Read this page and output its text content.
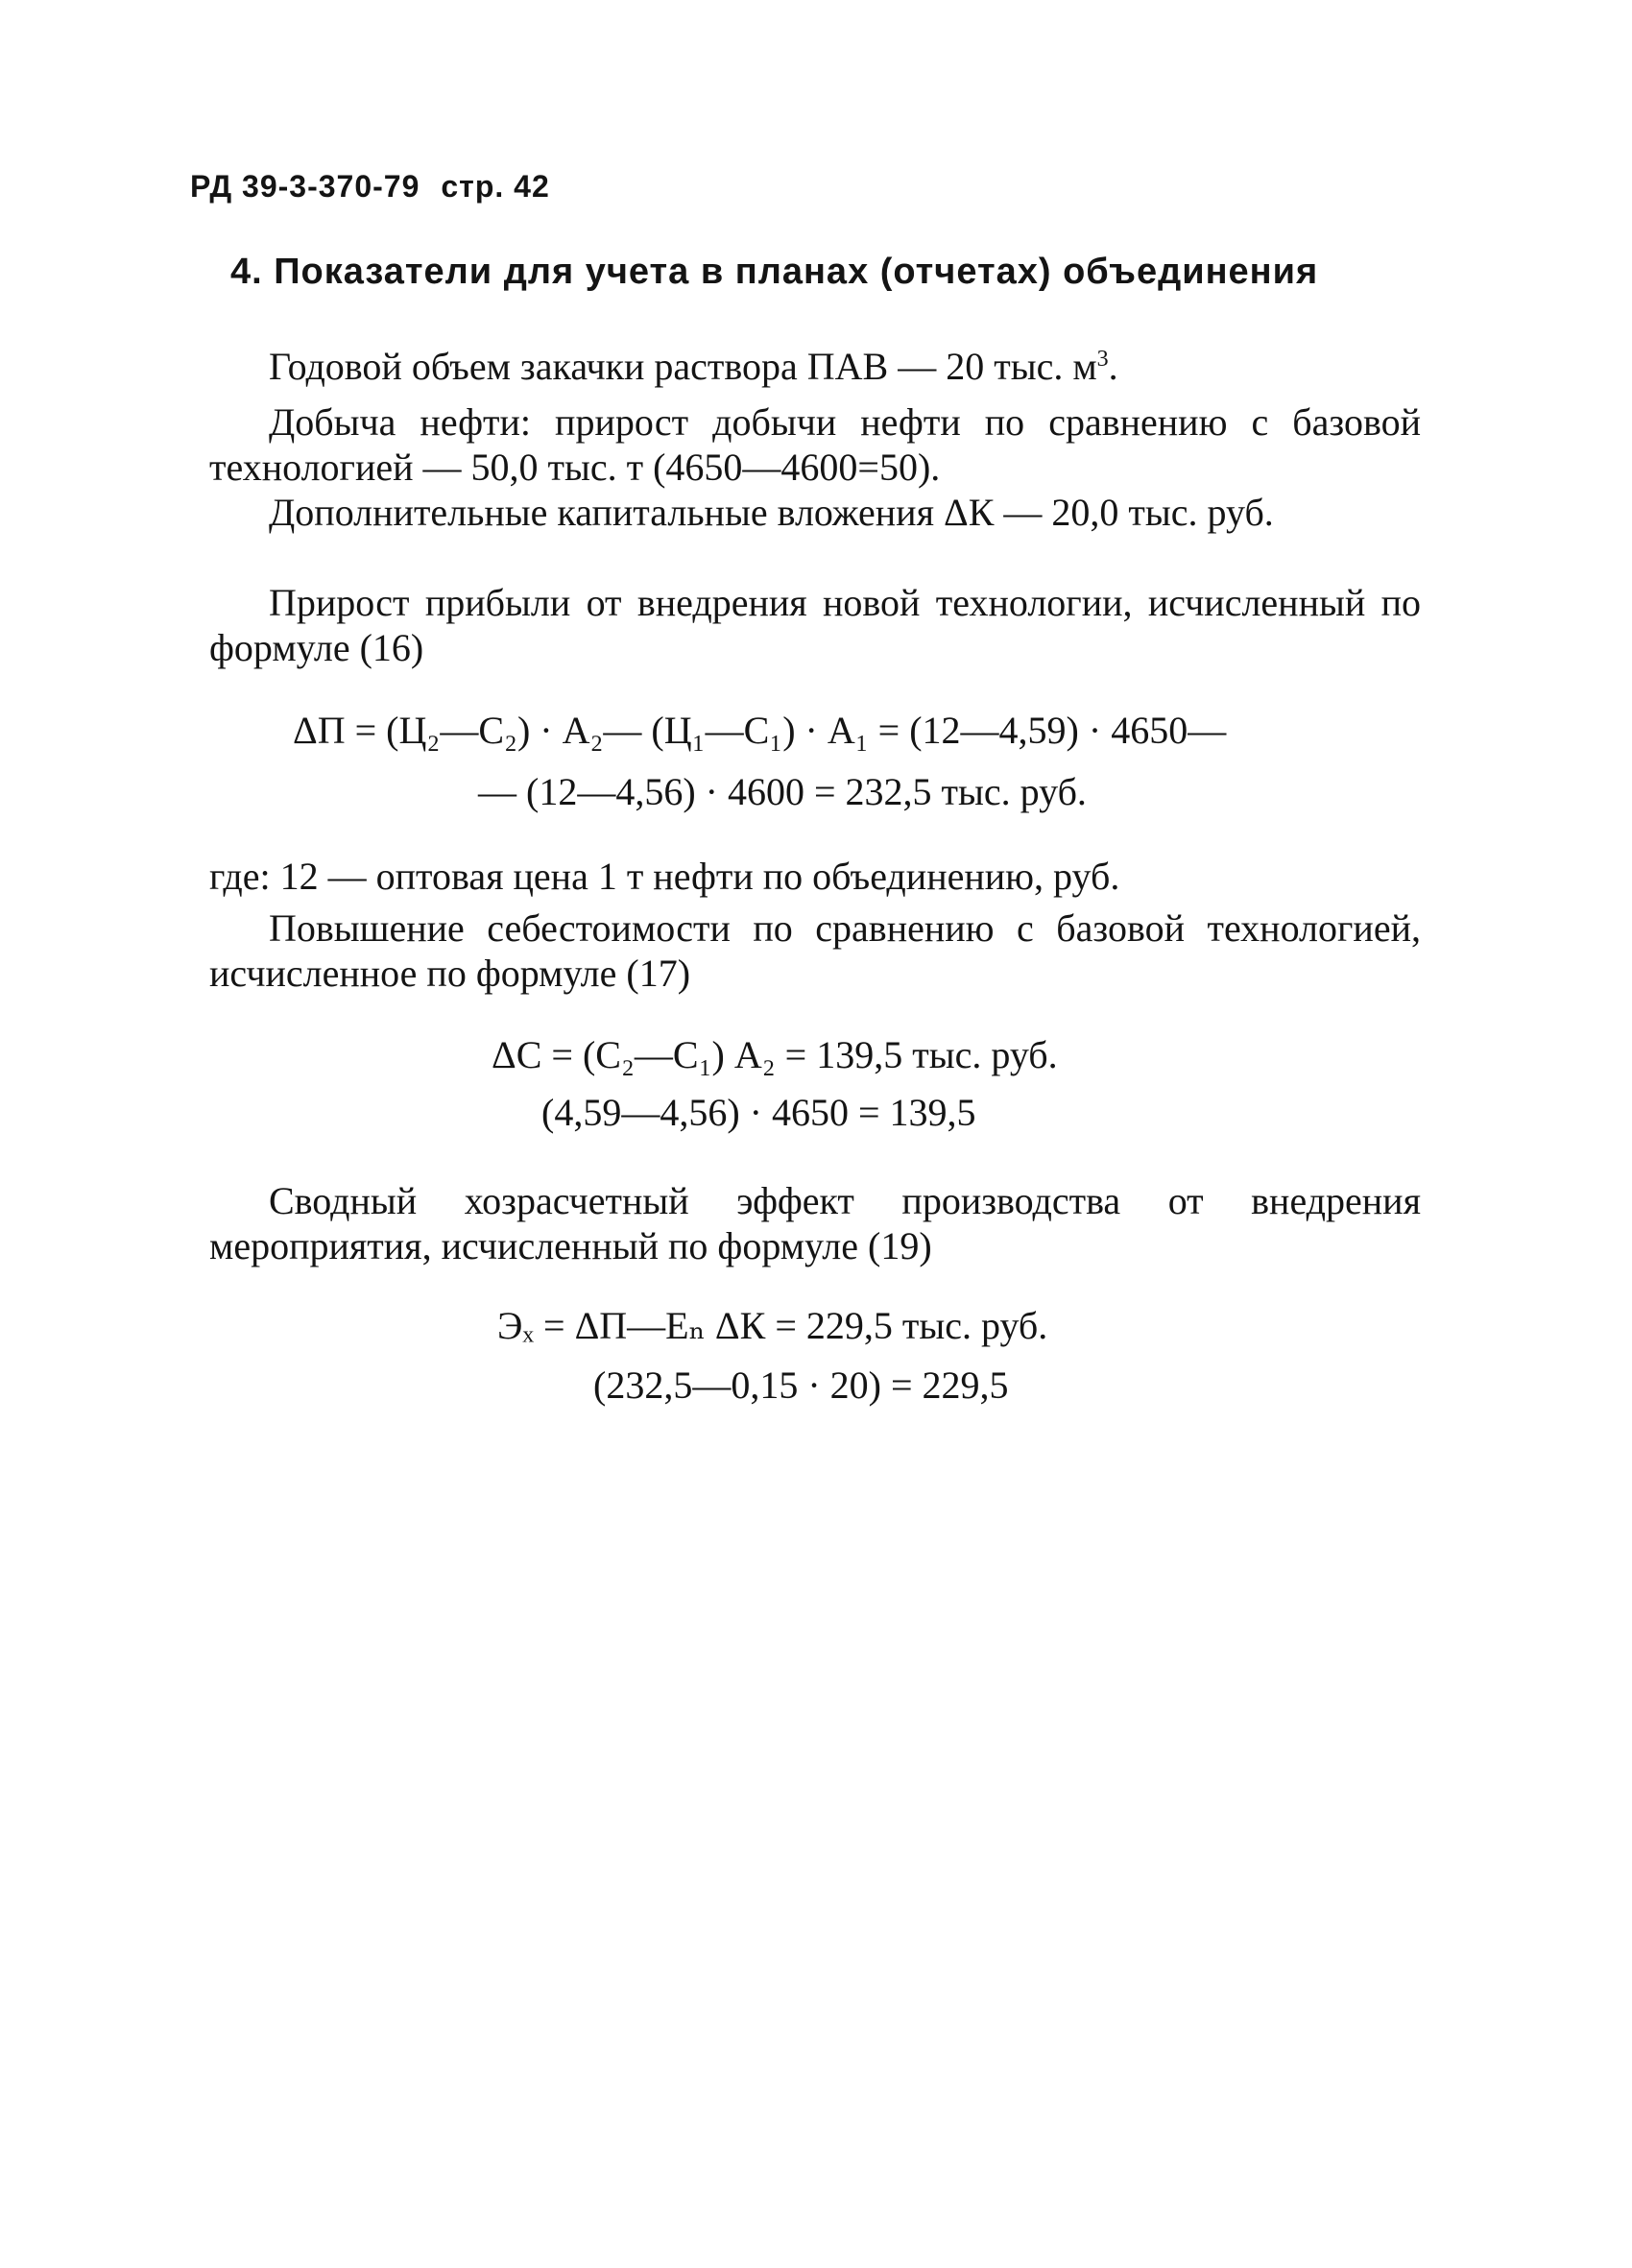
РД 39-3-370-79 стр. 42
4. Показатели для учета в планах (отчетах) объединения
Годовой объем закачки раствора ПАВ — 20 тыс. $м^3$.
Добыча нефти: прирост добычи нефти по сравнению с базовой технологией — 50,0 тыс. т (4650—4600=50).
Дополнительные капитальные вложения ΔК — 20,0 тыс. руб.
Прирост прибыли от внедрения новой технологии, исчисленный по формуле (16)
ΔП = (Ц₂—С₂) · А₂— (Ц₁—С₁) · А₁ = (12—4,59) · 4650—
— (12—4,56) · 4600 = 232,5 тыс. руб.
где: 12 — оптовая цена 1 т нефти по объединению, руб.
Повышение себестоимости по сравнению с базовой технологией, исчисленное по формуле (17)
ΔС = (С₂—С₁) А₂ = 139,5 тыс. руб.
(4,59—4,56) · 4650 = 139,5
Сводный хозрасчетный эффект производства от внедрения мероприятия, исчисленный по формуле (19)
Эₓ = ΔП—Eₙ ΔК = 229,5 тыс. руб.
(232,5—0,15 · 20) = 229,5
